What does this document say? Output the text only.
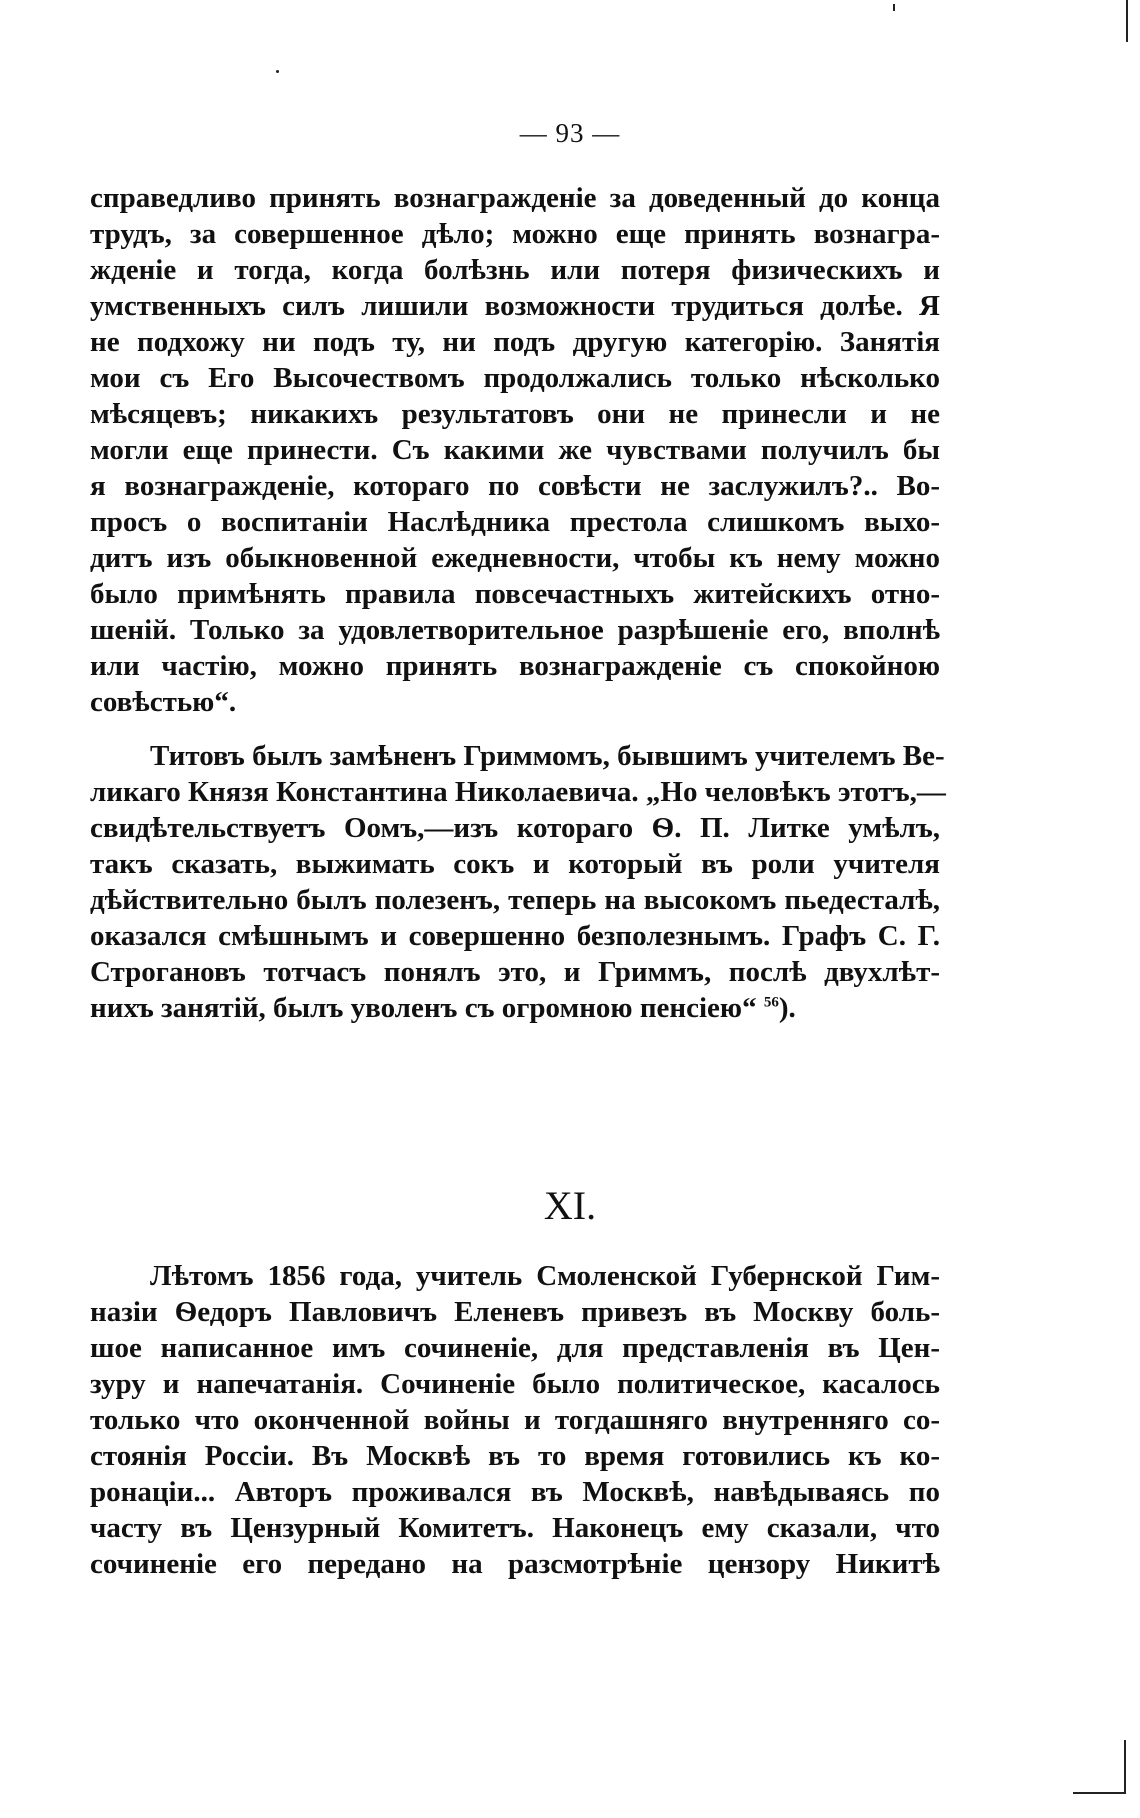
— 93 —
справедливо принять вознагражденіе за доведенный до конца
трудъ, за совершенное дѣло; можно еще принять вознагра-
жденіе и тогда, когда болѣзнь или потеря физическихъ и
умственныхъ силъ лишили возможности трудиться долѣе. Я
не подхожу ни подъ ту, ни подъ другую категорію. Занятія
мои съ Его Высочествомъ продолжались только нѣсколько
мѣсяцевъ; никакихъ результатовъ они не принесли и не
могли еще принести. Съ какими же чувствами получилъ бы
я вознагражденіе, котораго по совѣсти не заслужилъ?.. Во-
просъ о воспитаніи Наслѣдника престола слишкомъ выхо-
дитъ изъ обыкновенной ежедневности, чтобы къ нему можно
было примѣнять правила повсечастныхъ житейскихъ отно-
шеній. Только за удовлетворительное разрѣшеніе его, вполнѣ
или частію, можно принять вознагражденіе съ спокойною
совѣстью“.
Титовъ былъ замѣненъ Гриммомъ, бывшимъ учителемъ Ве-
ликаго Князя Константина Николаевича. „Но человѣкъ этотъ,—
свидѣтельствуетъ Оомъ,—изъ котораго Ѳ. П. Литке умѣлъ,
такъ сказать, выжимать сокъ и который въ роли учителя
дѣйствительно былъ полезенъ, теперь на высокомъ пьедесталѣ,
оказался смѣшнымъ и совершенно безполезнымъ. Графъ С. Г.
Строгановъ тотчасъ понялъ это, и Гриммъ, послѣ двухлѣт-
нихъ занятій, былъ уволенъ съ огромною пенсіею“ $^{56}$).
XI.
Лѣтомъ 1856 года, учитель Смоленской Губернской Гим-
назіи Ѳедоръ Павловичъ Еленевъ привезъ въ Москву боль-
шое написанное имъ сочиненіе, для представленія въ Цен-
зуру и напечатанія. Сочиненіе было политическое, касалось
только что оконченной войны и тогдашняго внутренняго со-
стоянія Россіи. Въ Москвѣ въ то время готовились къ ко-
ронаціи... Авторъ проживался въ Москвѣ, навѣдываясь по
часту въ Цензурный Комитетъ. Наконецъ ему сказали, что
сочиненіе его передано на разсмотрѣніе цензору Никитѣ
